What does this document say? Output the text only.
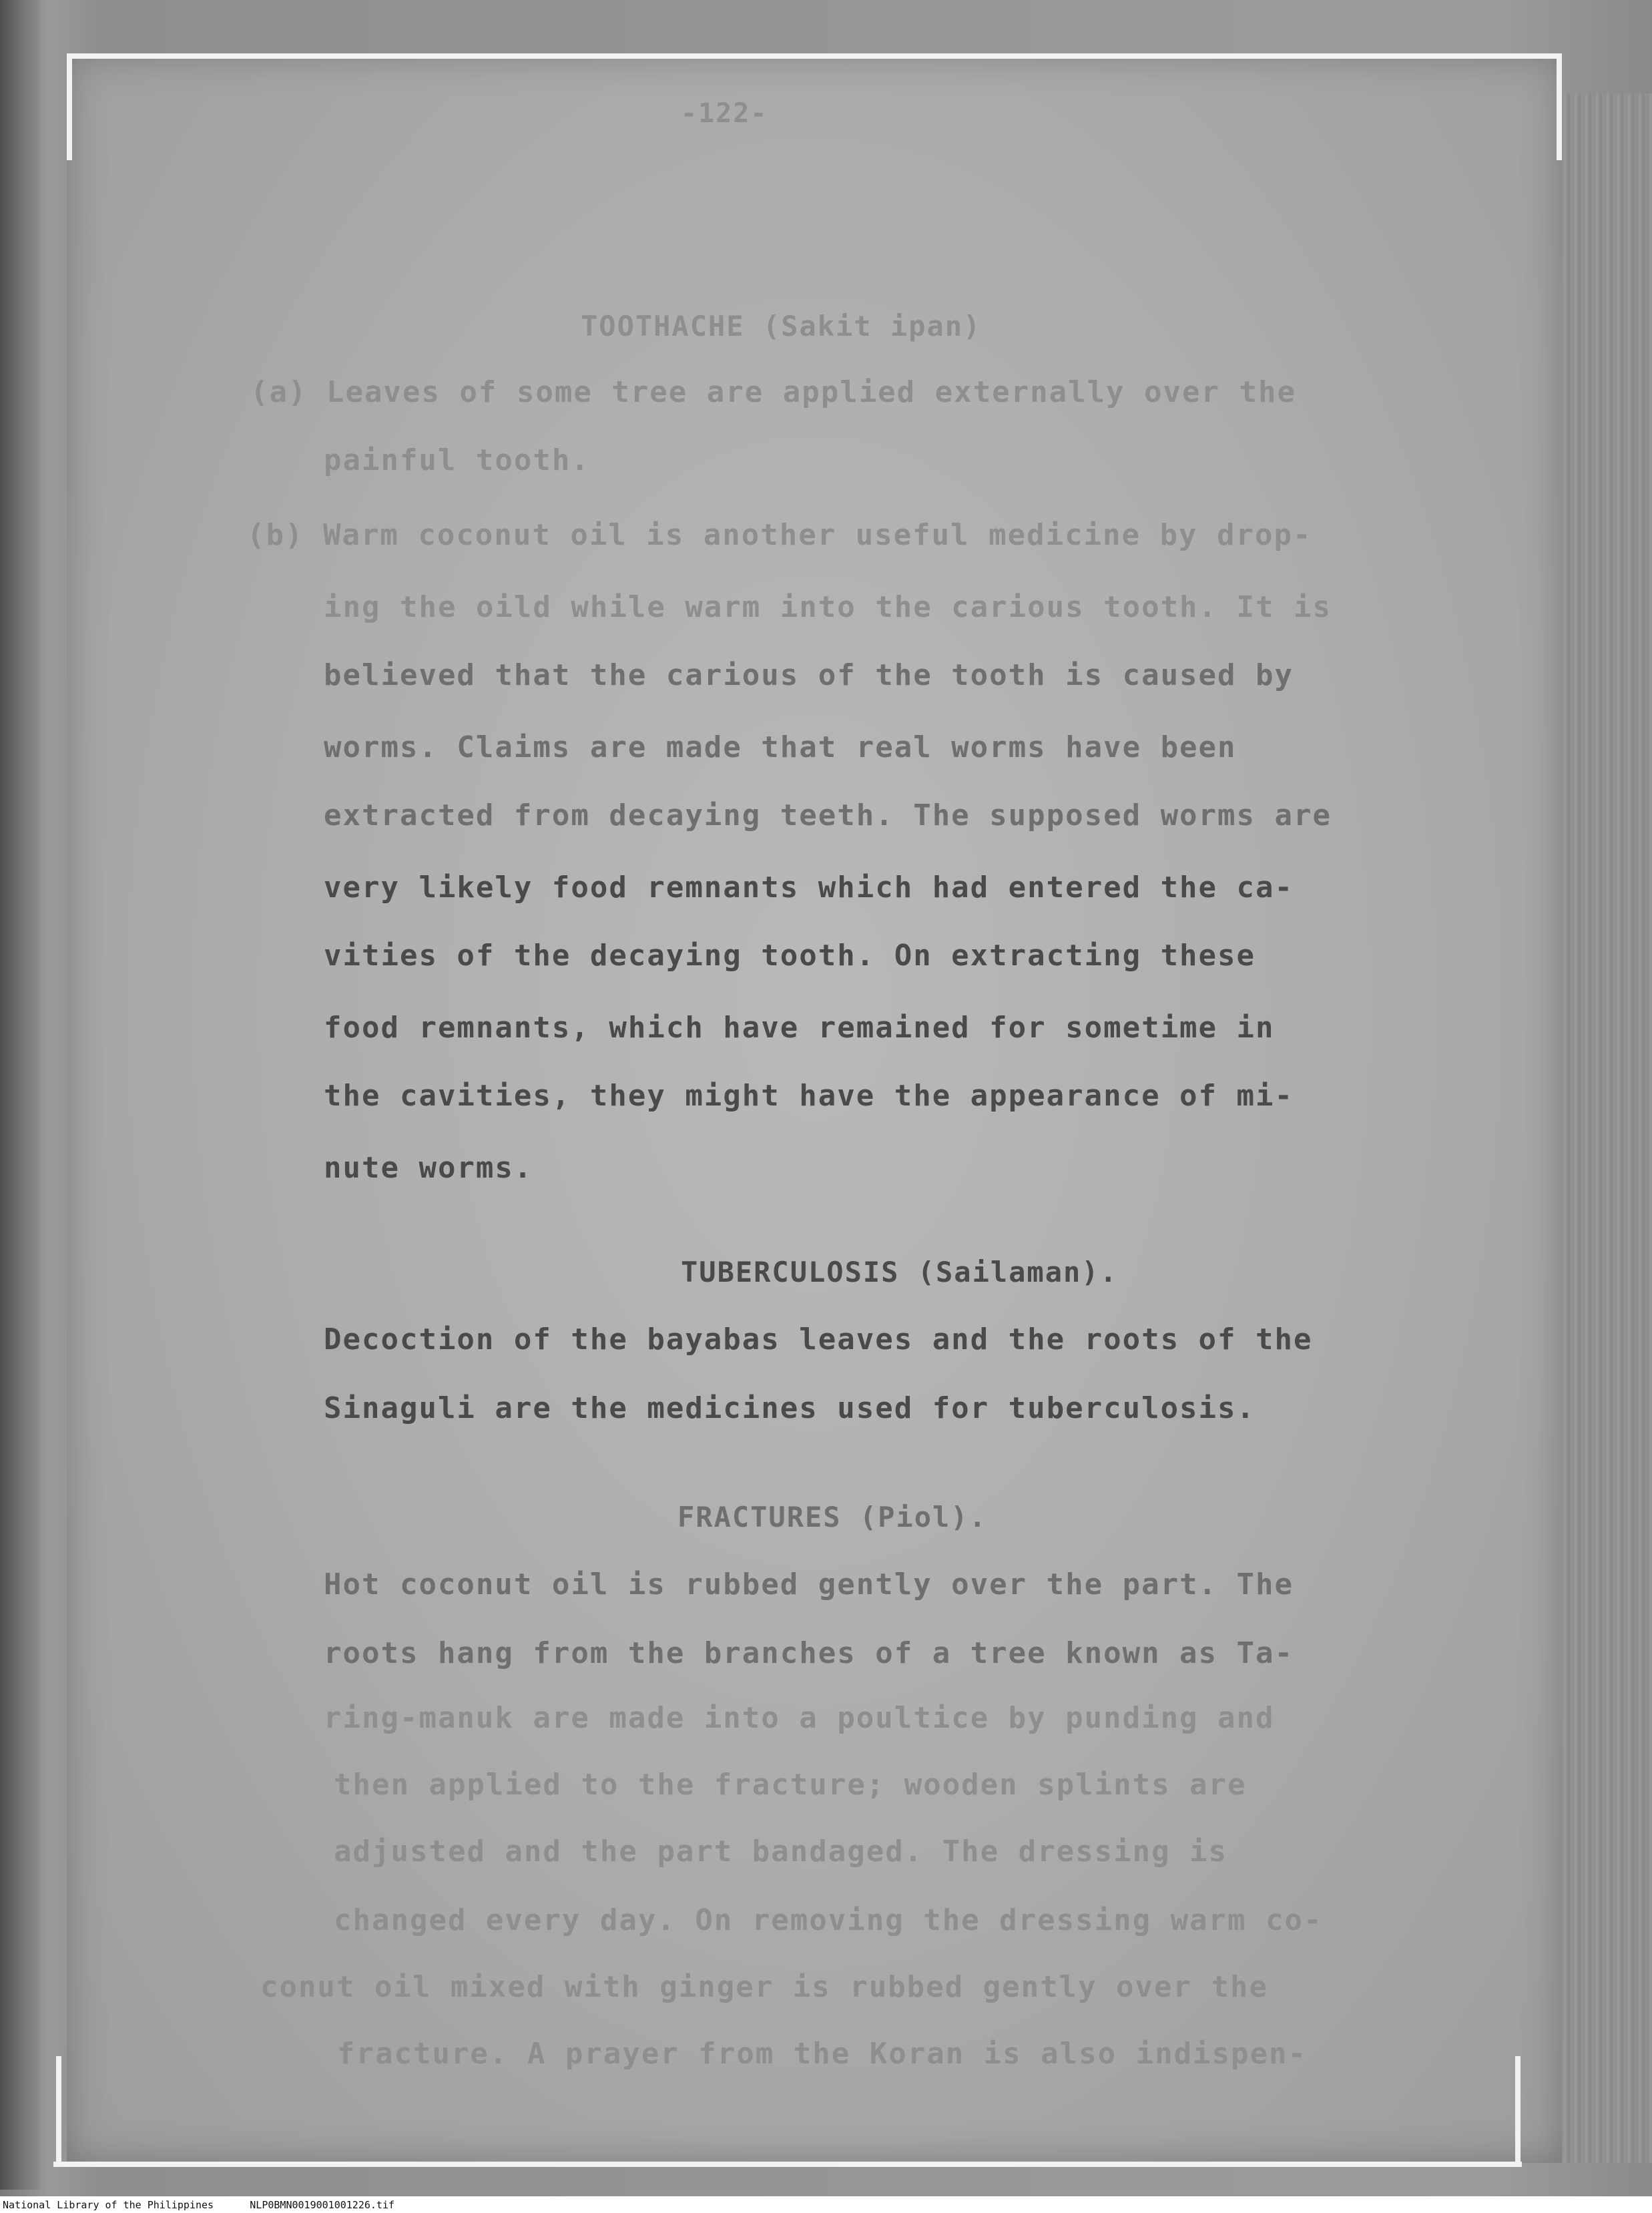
-122-
TOOTHACHE (Sakit ipan)
(a) Leaves of some tree are applied externally over the
painful tooth.
(b) Warm coconut oil is another useful medicine by drop-
ing the oild while warm into the carious tooth. It is
believed that the carious of the tooth is caused by
worms. Claims are made that real worms have been
extracted from decaying teeth. The supposed worms are
very likely food remnants which had entered the ca-
vities of the decaying tooth. On extracting these
food remnants, which have remained for sometime in
the cavities, they might have the appearance of mi-
nute worms.
TUBERCULOSIS (Sailaman).
Decoction of the bayabas leaves and the roots of the
Sinaguli are the medicines used for tuberculosis.
FRACTURES (Piol).
Hot coconut oil is rubbed gently over the part. The
roots hang from the branches of a tree known as Ta-
ring-manuk are made into a poultice by punding and
then applied to the fracture; wooden splints are
adjusted and the part bandaged. The dressing is
changed every day. On removing the dressing warm co-
conut oil mixed with ginger is rubbed gently over the
fracture. A prayer from the Koran is also indispen-
National Library of the Philippines      NLP0BMN0019001001226.tif
